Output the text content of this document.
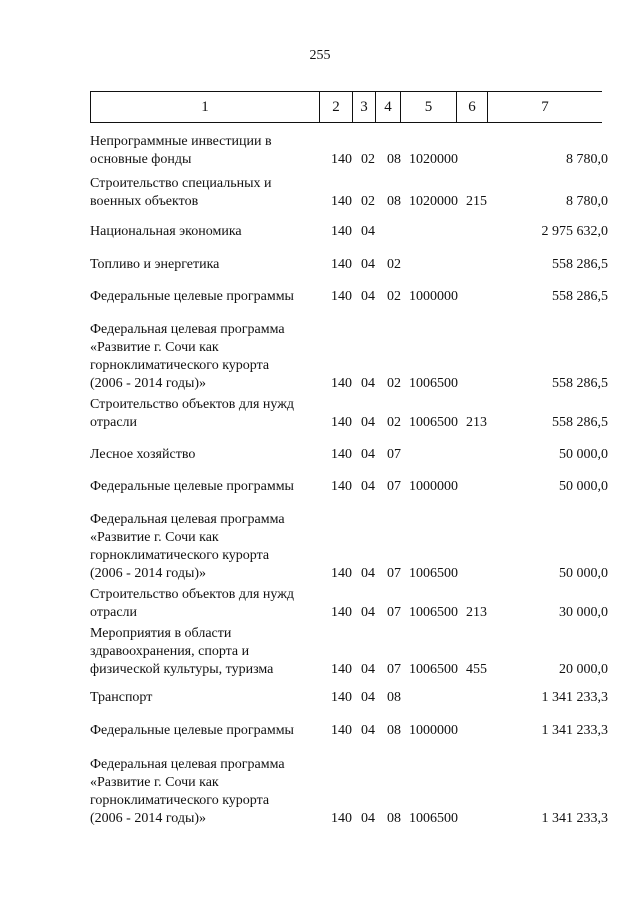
255
1	2	3	4	5	6	7
Непрограммные инвестиции в
основные фонды	140 02 08 1020000	8 780,0
Строительство специальных и
военных объектов	140 02 08 1020000 215	8 780,0
Национальная экономика	140 04	2 975 632,0
Топливо и энергетика	140 04 02	558 286,5
Федеральные целевые программы	140 04 02 1000000	558 286,5
Федеральная целевая программа
«Развитие г. Сочи как
горноклиматического курорта
(2006 - 2014 годы)»	140 04 02 1006500	558 286,5
Строительство объектов для нужд
отрасли	140 04 02 1006500 213	558 286,5
Лесное хозяйство	140 04 07	50 000,0
Федеральные целевые программы	140 04 07 1000000	50 000,0
Федеральная целевая программа
«Развитие г. Сочи как
горноклиматического курорта
(2006 - 2014 годы)»	140 04 07 1006500	50 000,0
Строительство объектов для нужд
отрасли	140 04 07 1006500 213	30 000,0
Мероприятия в области
здравоохранения, спорта и
физической культуры, туризма	140 04 07 1006500 455	20 000,0
Транспорт	140 04 08	1 341 233,3
Федеральные целевые программы	140 04 08 1000000	1 341 233,3
Федеральная целевая программа
«Развитие г. Сочи как
горноклиматического курорта
(2006 - 2014 годы)»	140 04 08 1006500	1 341 233,3
